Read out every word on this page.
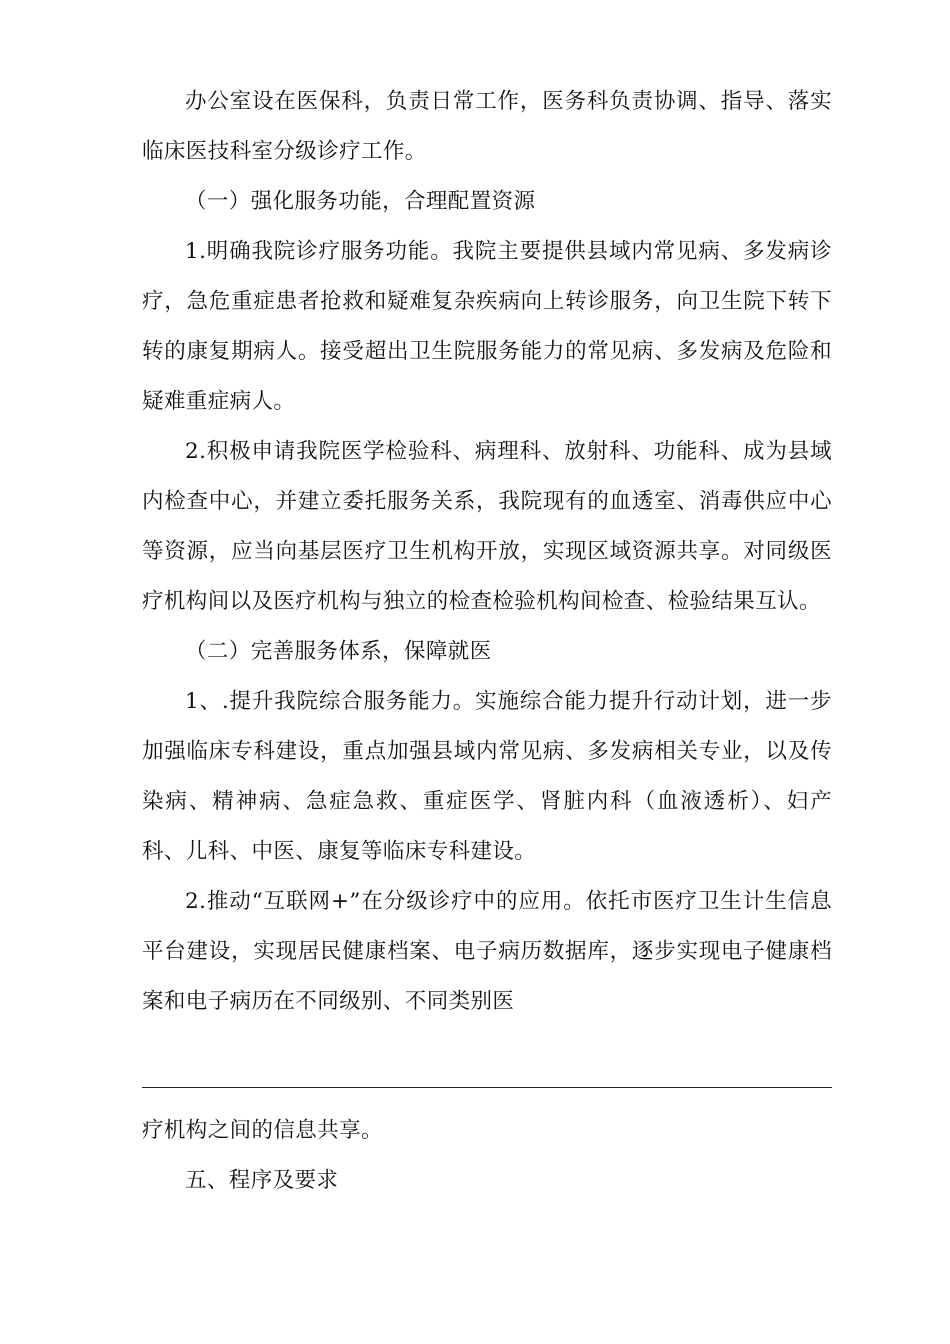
办公室设在医保科，负责日常工作，医务科负责协调、指导、落实临床医技科室分级诊疗工作。

（一）强化服务功能，合理配置资源

1.明确我院诊疗服务功能。我院主要提供县域内常见病、多发病诊疗，急危重症患者抢救和疑难复杂疾病向上转诊服务，向卫生院下转下转的康复期病人。接受超出卫生院服务能力的常见病、多发病及危险和疑难重症病人。

2.积极申请我院医学检验科、病理科、放射科、功能科、成为县域内检查中心，并建立委托服务关系，我院现有的血透室、消毒供应中心等资源，应当向基层医疗卫生机构开放，实现区域资源共享。对同级医疗机构间以及医疗机构与独立的检查检验机构间检查、检验结果互认。

（二）完善服务体系，保障就医

1、.提升我院综合服务能力。实施综合能力提升行动计划，进一步加强临床专科建设，重点加强县域内常见病、多发病相关专业，以及传染病、精神病、急症急救、重症医学、肾脏内科（血液透析）、妇产科、儿科、中医、康复等临床专科建设。

2.推动“互联网+”在分级诊疗中的应用。依托市医疗卫生计生信息平台建设，实现居民健康档案、电子病历数据库，逐步实现电子健康档案和电子病历在不同级别、不同类别医

疗机构之间的信息共享。

五、程序及要求
